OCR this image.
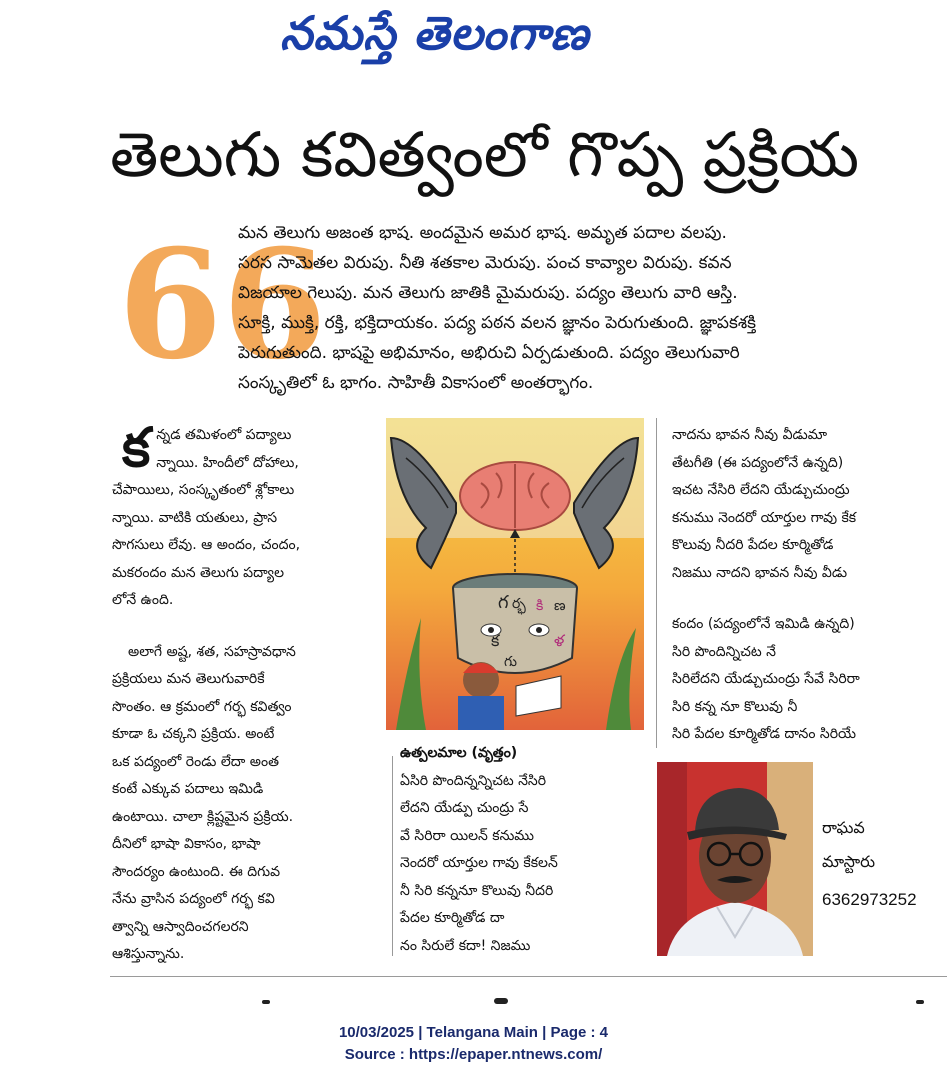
నమస్తే తెలంగాణ
తెలుగు కవిత్వంలో గొప్ప ప్రక్రియ
66
మన తెలుగు అజంత భాష. అందమైన అమర భాష. అమృత పదాల వలపు.
సరస సామెతల విరుపు. నీతి శతకాల మెరుపు. పంచ కావ్యాల విరుపు. కవన
విజయాల గెలుపు. మన తెలుగు జాతికి మైమరుపు. పద్యం తెలుగు వారి ఆస్తి.
సూక్తి, ముక్తి, రక్తి, భక్తిదాయకం. పద్య పఠన వలన జ్ఞానం పెరుగుతుంది. జ్ఞాపకశక్తి
పెరుగుతుంది. భాషపై అభిమానం, అభిరుచి ఏర్పడుతుంది. పద్యం తెలుగువారి
సంస్కృతిలో ఓ భాగం. సాహితీ వికాసంలో అంతర్భాగం.
క న్నడ తమిళంలో పద్యాలు
న్నాయి. హిందీలో దోహాలు,
చేపాయిలు, సంస్కృతంలో శ్లోకాలు
న్నాయి. వాటికి యతులు, ప్రాస
సొగసులు లేవు. ఆ అందం, చందం,
మకరందం మన తెలుగు పద్యాల
లోనే ఉంది.
అలాగే అష్ట, శత, సహస్రావధాన
ప్రక్రియలు మన తెలుగువారికే
సొంతం. ఆ క్రమంలో గర్భ కవిత్వం
కూడా ఓ చక్కని ప్రక్రియ. అంటే
ఒక పద్యంలో రెండు లేదా అంత
కంటే ఎక్కువ పదాలు ఇమిడి
ఉంటాయి. చాలా క్లిష్టమైన ప్రక్రియ.
దీనిలో భాషా వికాసం, భాషా
సౌందర్యం ఉంటుంది. ఈ దిగువ
నేను వ్రాసిన పద్యంలో గర్భ కవి
త్వాన్ని ఆస్వాదించగలరని
ఆశిస్తున్నాను.
గ ర్భ కి ణ
క	ళ
గు
ఉత్పలమాల (వృత్తం)
ఏసిరి పొందిన్నన్నిచట నేసిరి
లేదని యేడ్పు చుంద్రు సే
వే సిరిరా యిలన్ కనుము
నెందరో యార్తుల గావు కేకలన్
నీ సిరి కన్ననూ కొలువు నీదరి
పేదల కూర్మితోడ దా
నం సిరులే కదా! నిజము
నాదను భావన నీవు వీడుమా
తేటగీతి (ఈ పద్యంలోనే ఉన్నది)
ఇచట నేసిరి లేదని యేడ్చుచుంద్రు
కనుము నెందరో యార్తుల గావు కేక
కొలువు నీదరి పేదల కూర్మితోడ
నిజము నాదని భావన నీవు వీడు
కందం (పద్యంలోనే ఇమిడి ఉన్నది)
సిరి పొందిన్నిచట నే
సిరిలేదని యేడ్చుచుంద్రు సేవే సిరిరా
సిరి కన్న నూ కొలువు నీ
సిరి పేదల కూర్మితోడ దానం సిరియే
రాఘవ
మాస్టారు
6362973252
10/03/2025 | Telangana Main | Page : 4
Source : https://epaper.ntnews.com/
